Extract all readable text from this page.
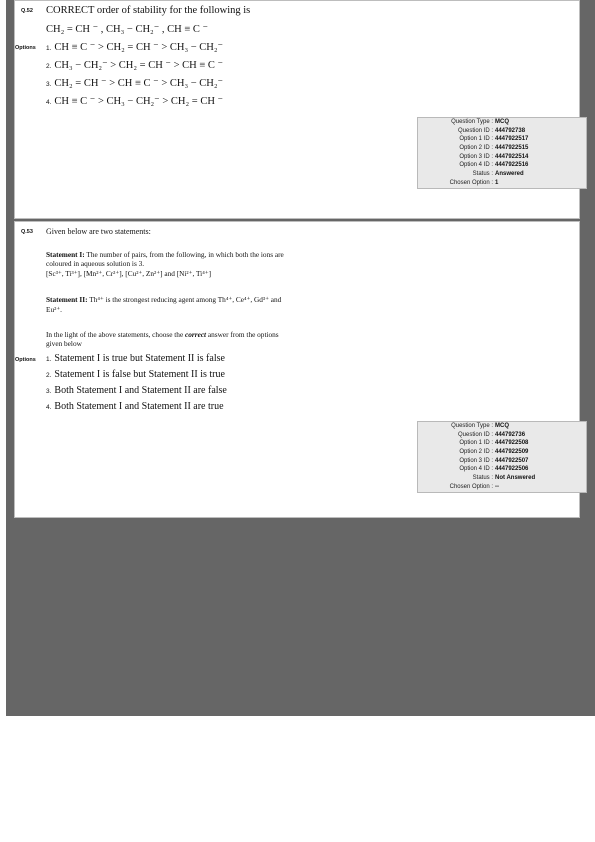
Q.52 CORRECT order of stability for the following is
CH₂ = CH ⁻ , CH₃ − CH₂⁻ , CH ≡ C ⁻
Options 1. CH ≡ C ⁻ > CH₂ = CH ⁻ > CH₃ − CH₂⁻
2. CH₃ − CH₂⁻ > CH₂ = CH ⁻ > CH ≡ C ⁻
3. CH₂ = CH ⁻ > CH ≡ C ⁻ > CH₃ − CH₂⁻
4. CH ≡ C ⁻ > CH₃ − CH₂⁻ > CH₂ = CH ⁻
Question Type : MCQ
Question ID : 444792738
Option 1 ID : 4447922517
Option 2 ID : 4447922515
Option 3 ID : 4447922514
Option 4 ID : 4447922516
Status : Answered
Chosen Option : 1
Q.53 Given below are two statements:
Statement I: The number of pairs, from the following, in which both the ions are
coloured in aqueous solution is 3.
[Sc³⁺, Ti³⁺], [Mn²⁺, Cr²⁺], [Cu²⁺, Zn²⁺] and [Ni²⁺, Ti⁴⁺]
Statement II: Th⁴⁺ is the strongest reducing agent among Th⁴⁺, Ce⁴⁺, Gd³⁺ and
Eu²⁺.
In the light of the above statements, choose the correct answer from the options
given below
Options 1. Statement I is true but Statement II is false
2. Statement I is false but Statement II is true
3. Both Statement I and Statement II are false
4. Both Statement I and Statement II are true
Question Type : MCQ
Question ID : 444792736
Option 1 ID : 4447922508
Option 2 ID : 4447922509
Option 3 ID : 4447922507
Option 4 ID : 4447922506
Status : Not Answered
Chosen Option : --
